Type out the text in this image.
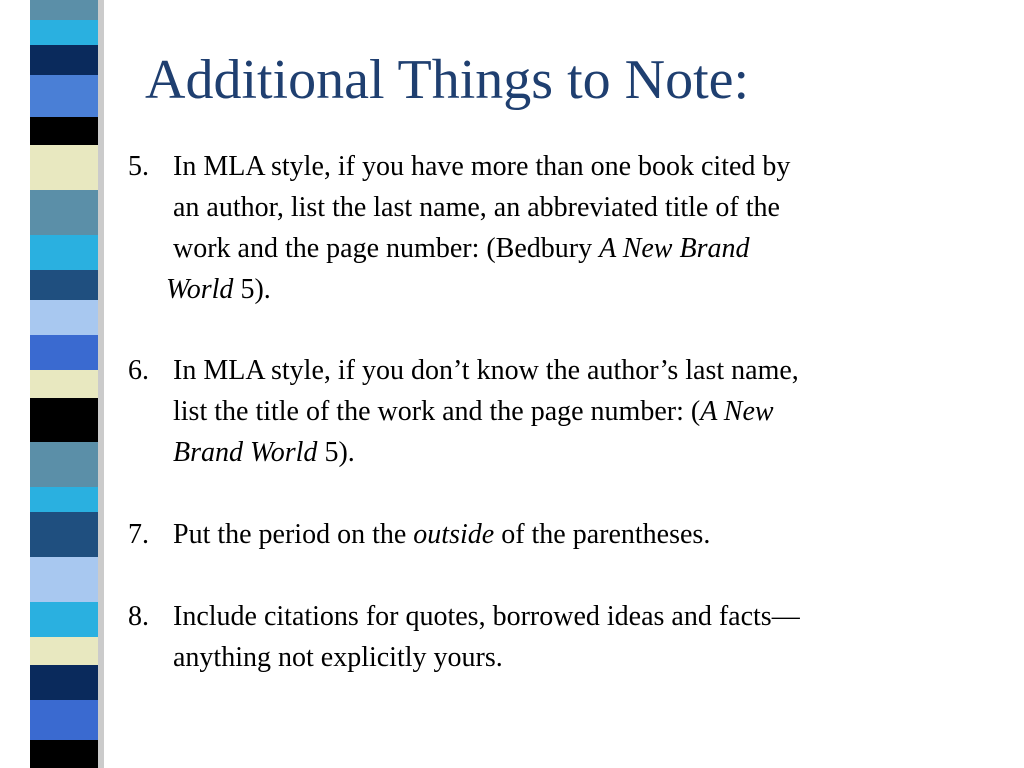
Additional Things to Note:
5. In MLA style, if you have more than one book cited by
an author, list the last name, an abbreviated title of the
work and the page number: (Bedbury A New Brand
World 5).
6. In MLA style, if you don’t know the author’s last name,
list the title of the work and the page number: (A New
Brand World 5).
7. Put the period on the outside of the parentheses.
8. Include citations for quotes, borrowed ideas and facts—
anything not explicitly yours.
